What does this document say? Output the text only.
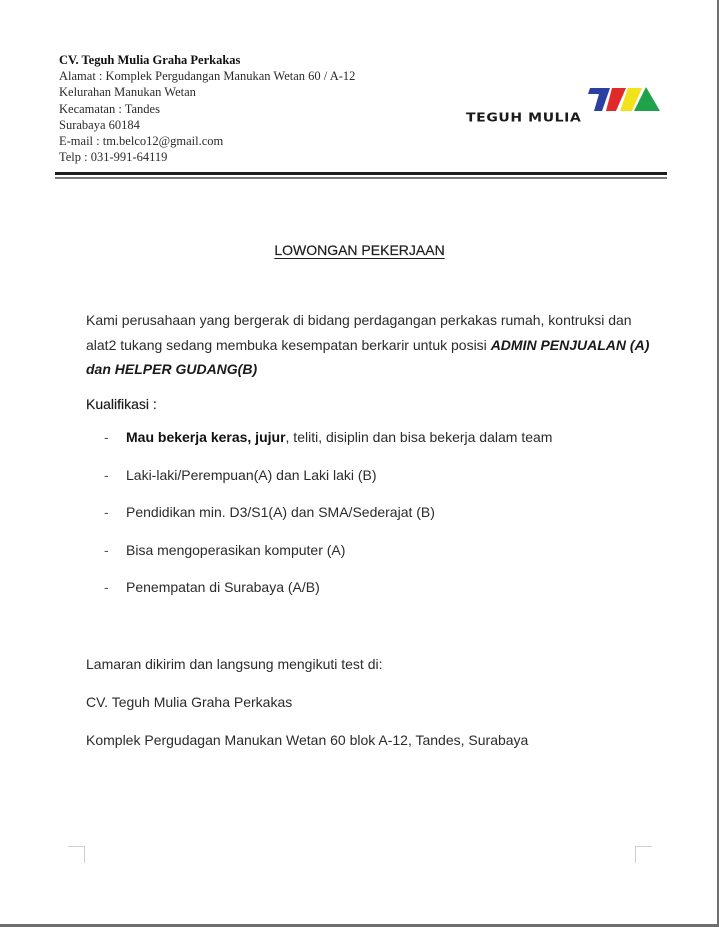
CV. Teguh Mulia Graha Perkakas
Alamat : Komplek Pergudangan Manukan Wetan 60 / A-12
Kelurahan Manukan Wetan
Kecamatan : Tandes
Surabaya 60184
E-mail : tm.belco12@gmail.com
Telp : 031-991-64119
TEGUH MULIA
LOWONGAN PEKERJAAN
Kami perusahaan yang bergerak di bidang perdagangan perkakas rumah, kontruksi dan alat2 tukang sedang membuka kesempatan berkarir untuk posisi ADMIN PENJUALAN (A) dan HELPER GUDANG(B)
Kualifikasi :
- Mau bekerja keras, jujur, teliti, disiplin dan bisa bekerja dalam team
- Laki-laki/Perempuan(A) dan Laki laki (B)
- Pendidikan min. D3/S1(A) dan SMA/Sederajat (B)
- Bisa mengoperasikan komputer (A)
- Penempatan di Surabaya (A/B)
Lamaran dikirim dan langsung mengikuti test di:
CV. Teguh Mulia Graha Perkakas
Komplek Pergudagan Manukan Wetan 60 blok A-12, Tandes, Surabaya
